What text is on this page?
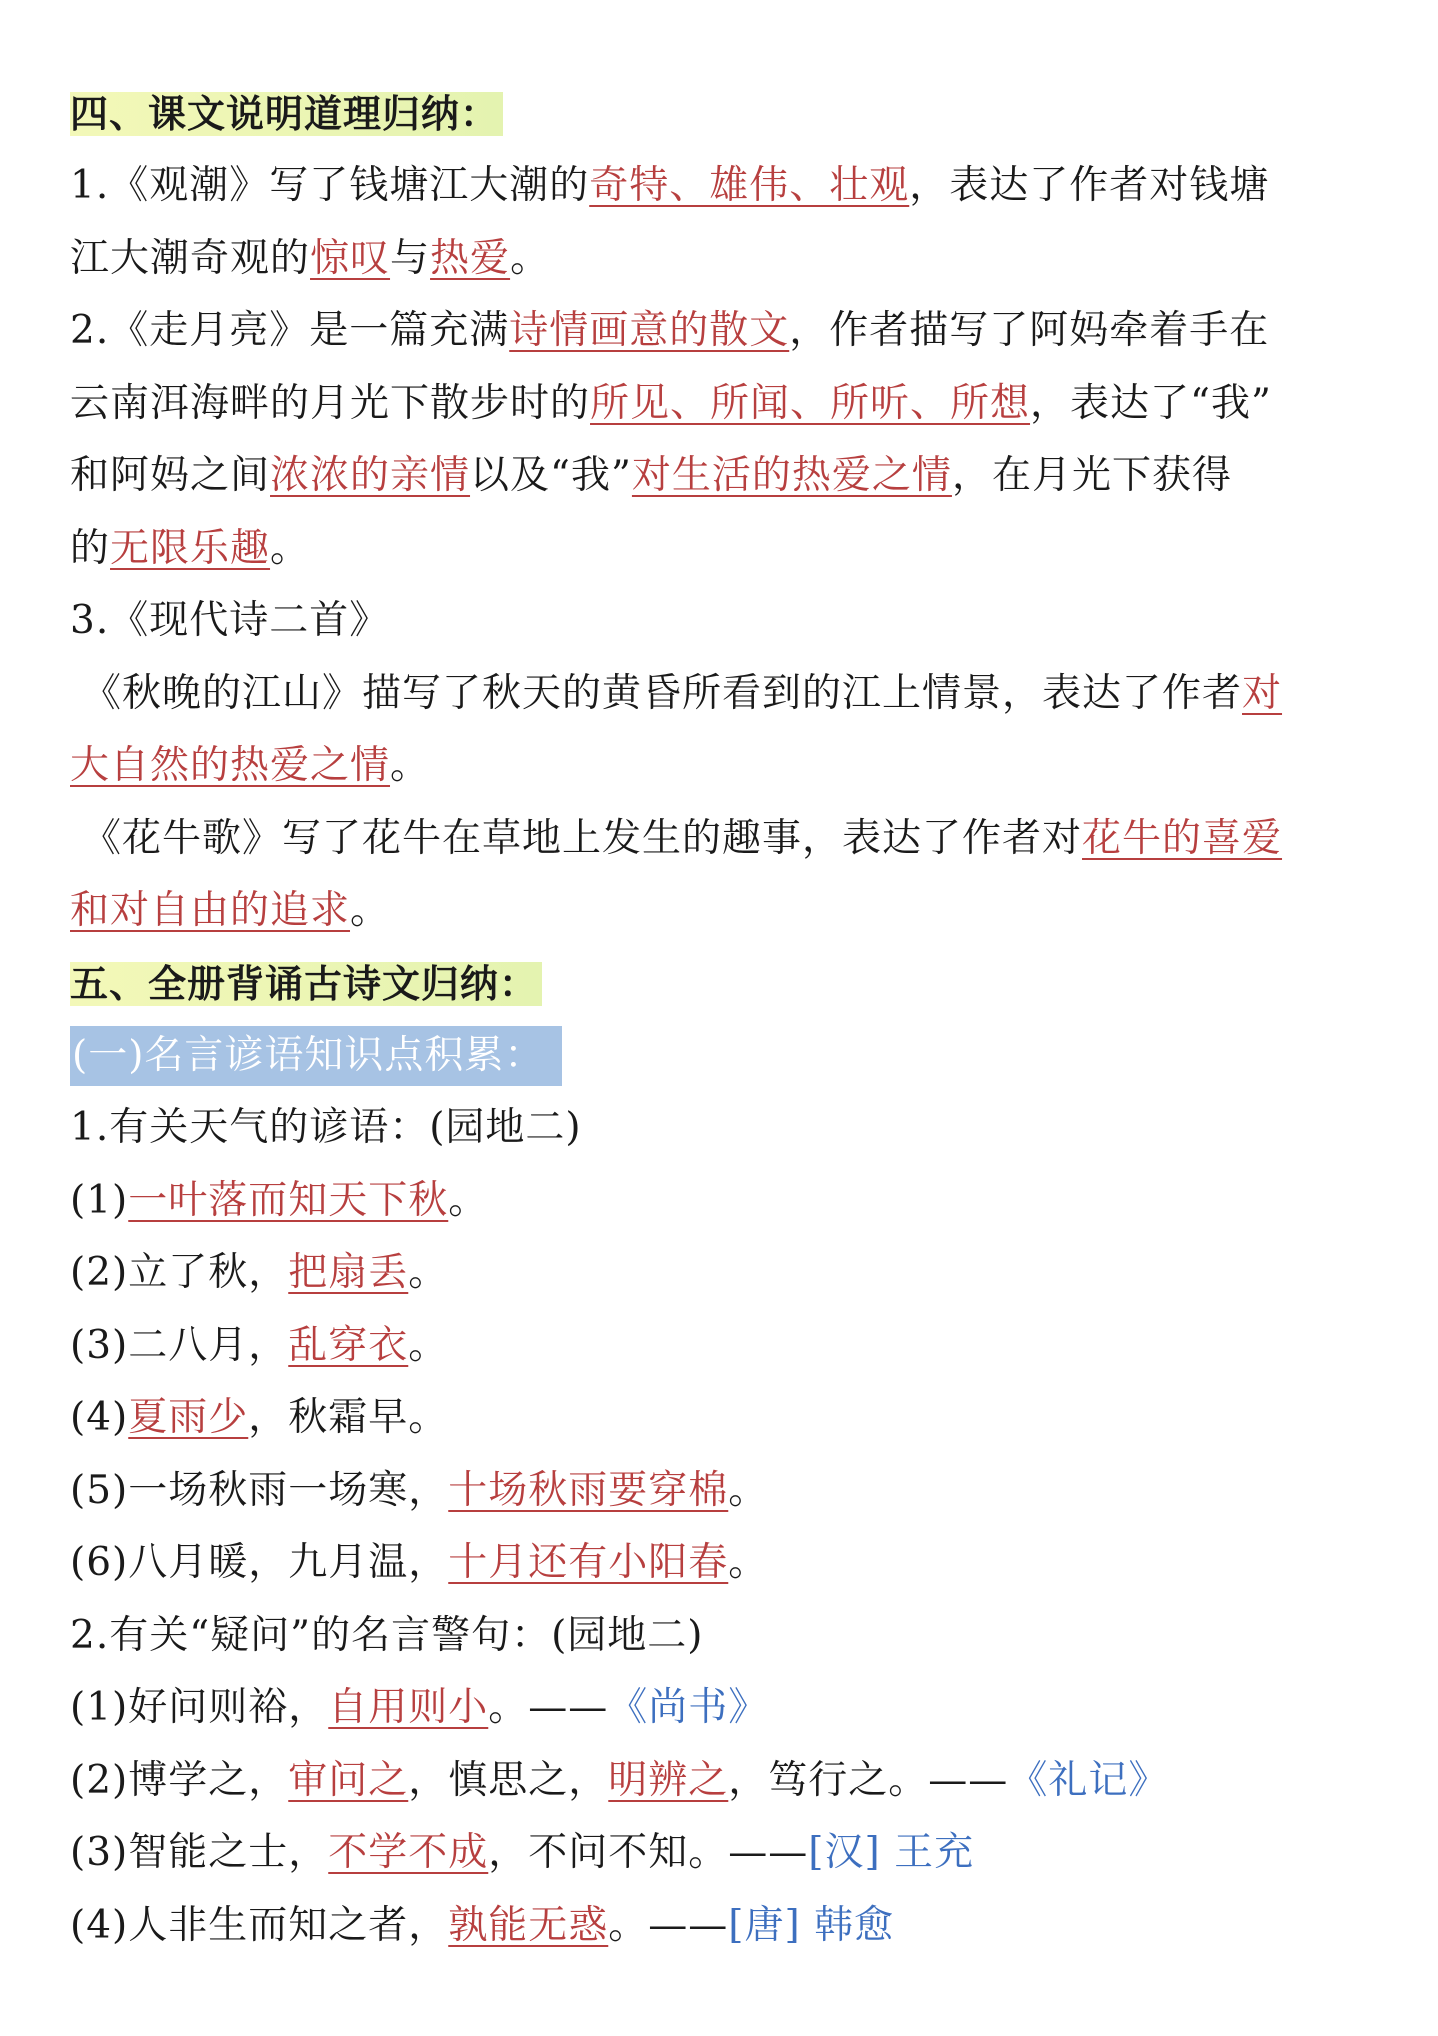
四、课文说明道理归纳：
1.《观潮》写了钱塘江大潮的奇特、雄伟、壮观，表达了作者对钱塘
江大潮奇观的惊叹与热爱。
2.《走月亮》是一篇充满诗情画意的散文，作者描写了阿妈牵着手在
云南洱海畔的月光下散步时的所见、所闻、所听、所想，表达了“我”
和阿妈之间浓浓的亲情以及“我”对生活的热爱之情，在月光下获得
的无限乐趣。
3.《现代诗二首》
《秋晚的江山》描写了秋天的黄昏所看到的江上情景，表达了作者对
大自然的热爱之情。
《花牛歌》写了花牛在草地上发生的趣事，表达了作者对花牛的喜爱
和对自由的追求。
五、全册背诵古诗文归纳：
(一)名言谚语知识点积累：
1.有关天气的谚语：(园地二)
(1)一叶落而知天下秋。
(2)立了秋，把扇丢。
(3)二八月，乱穿衣。
(4)夏雨少，秋霜早。
(5)一场秋雨一场寒，十场秋雨要穿棉。
(6)八月暖，九月温，十月还有小阳春。
2.有关“疑问”的名言警句：(园地二)
(1)好问则裕，自用则小。——《尚书》
(2)博学之，审问之，慎思之，明辨之，笃行之。——《礼记》
(3)智能之士，不学不成，不问不知。——[汉] 王充
(4)人非生而知之者，孰能无惑。——[唐] 韩愈
